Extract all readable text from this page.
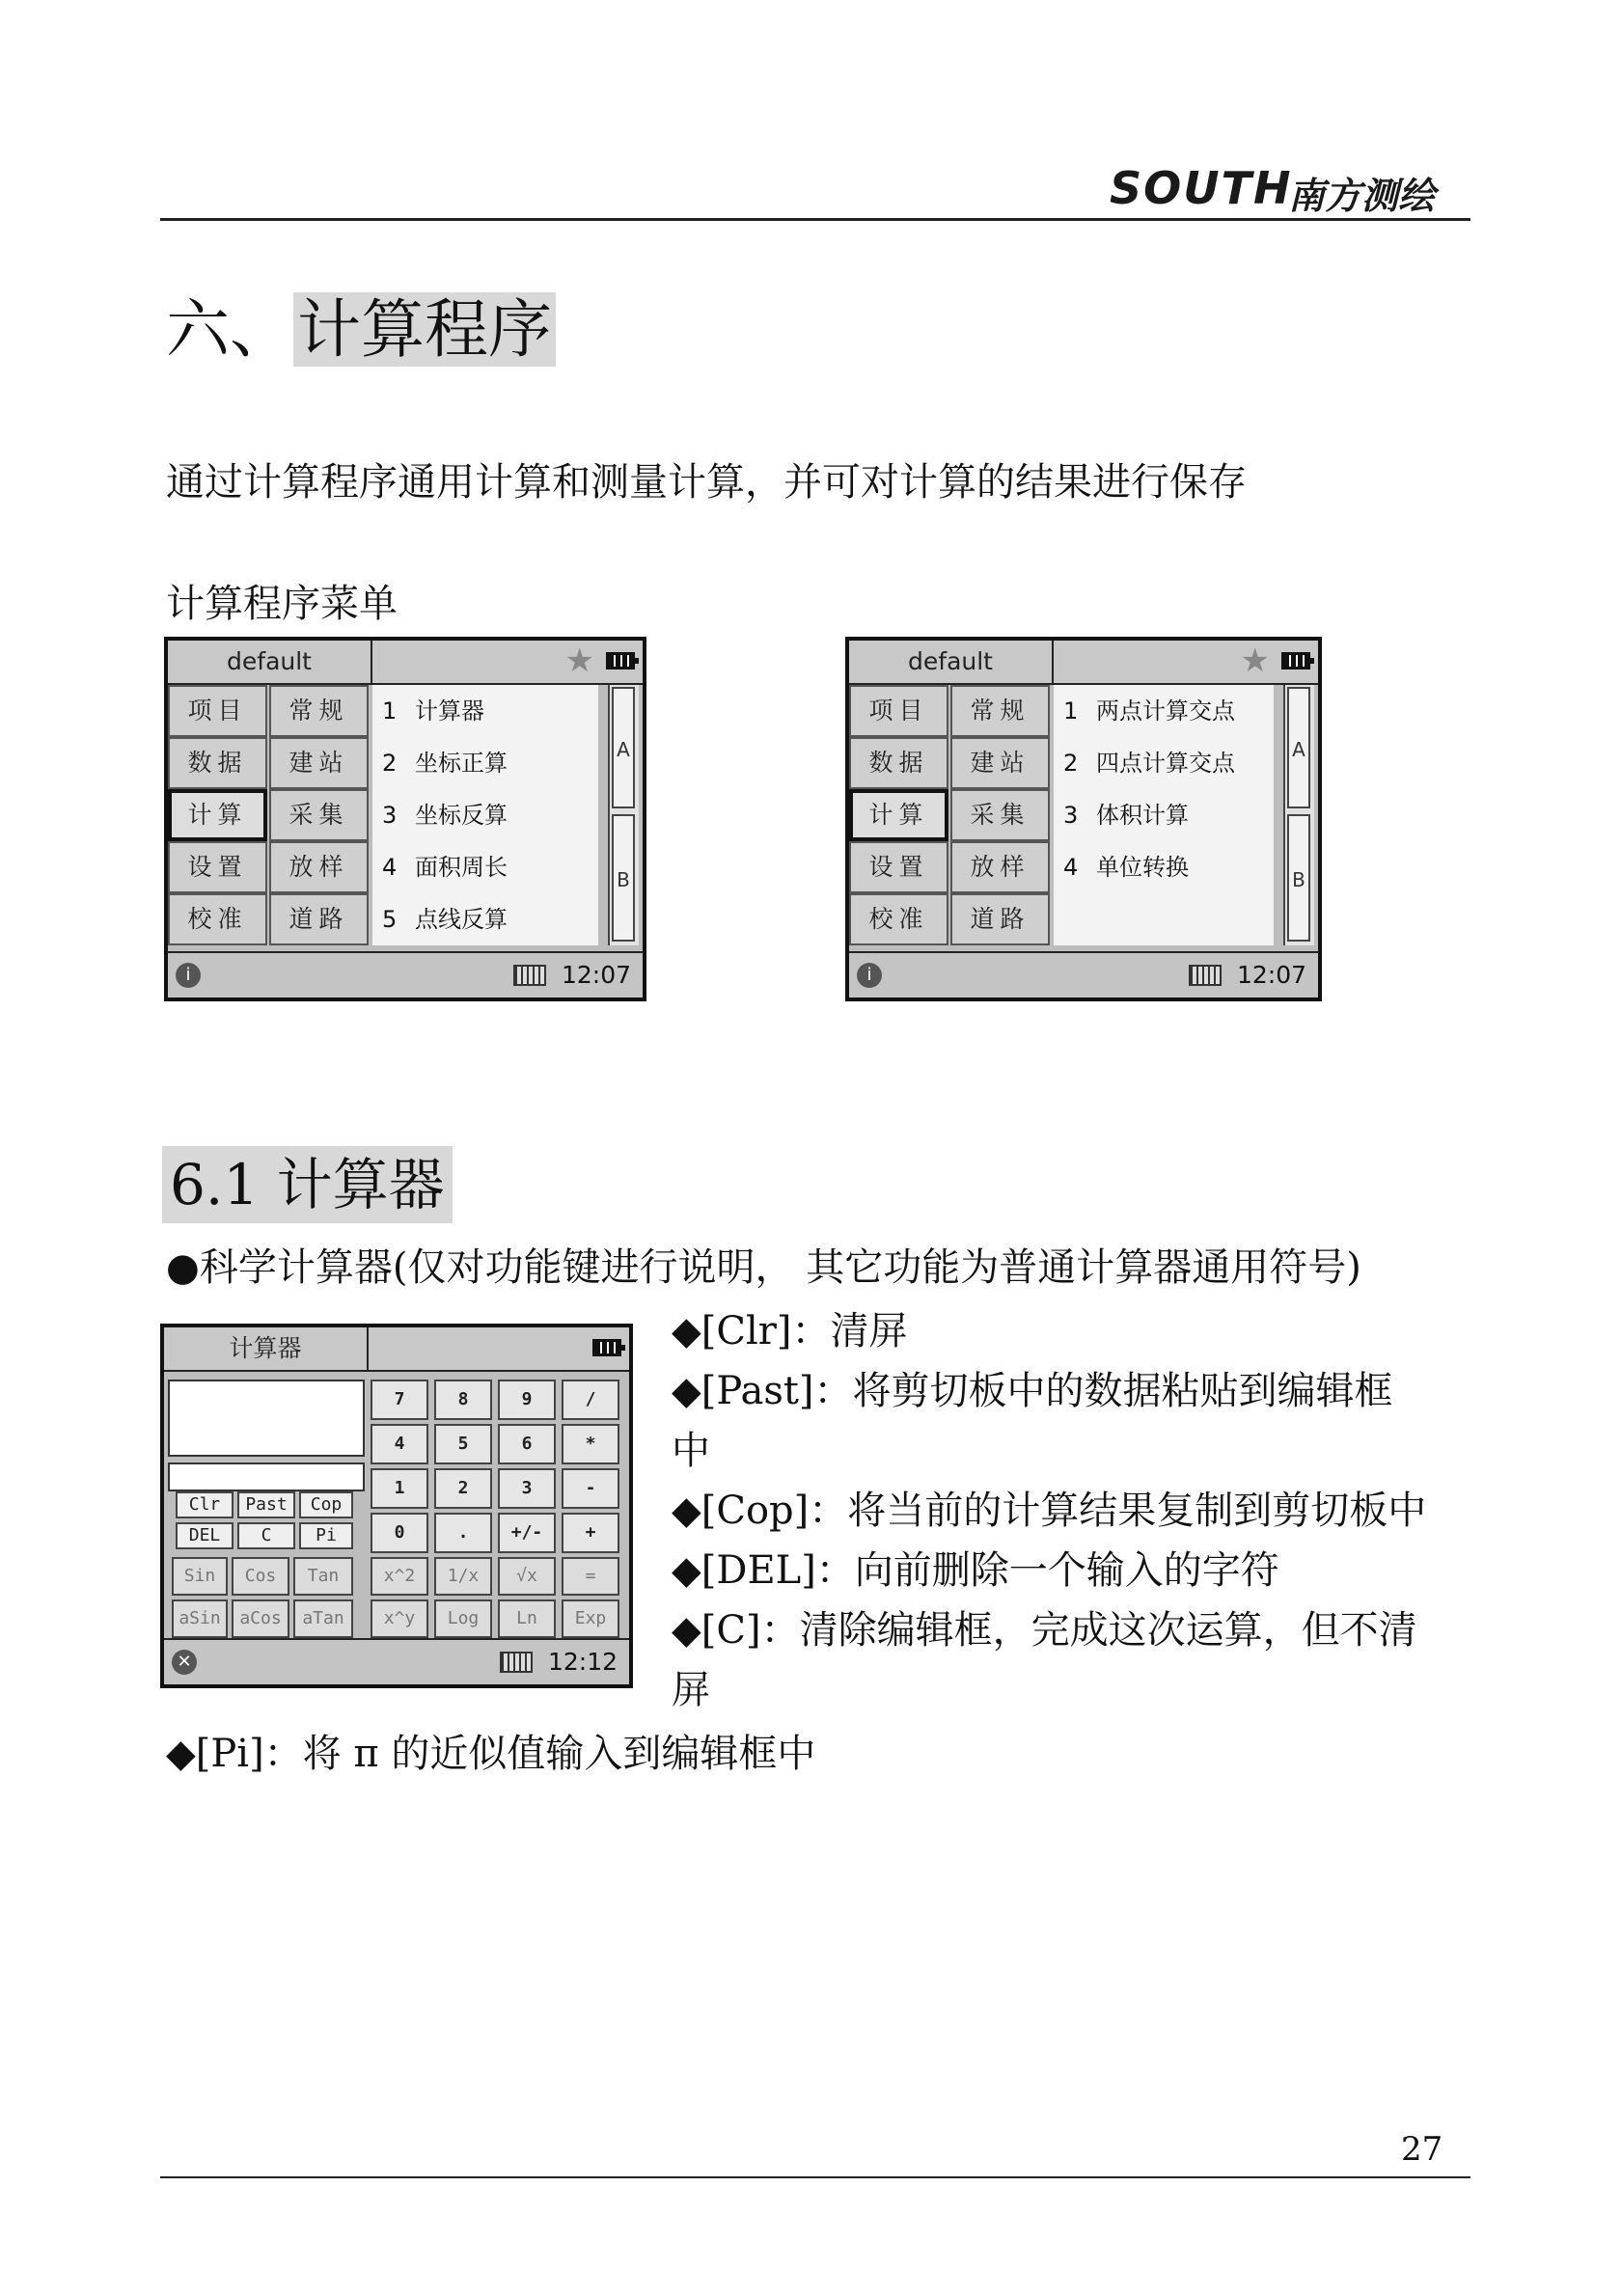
SOUTH
南方测绘
六、计算程序
通过计算程序通用计算和测量计算，并可对计算的结果进行保存
计算程序菜单
default	★
项目	常规
数据	建站
计算	采集
设置	放样
校准	道路
1 计算器
2 坐标正算
3 坐标反算
4 面积周长
5 点线反算
A
B
i	12:07
default	★
项目	常规
数据	建站
计算	采集
设置	放样
校准	道路
1 两点计算交点
2 四点计算交点
3 体积计算
4 单位转换
A
B
i	12:07
6.1 计算器
●科学计算器(仅对功能键进行说明， 其它功能为普通计算器通用符号)
计算器
Clr	Past	Cop
DEL	C	Pi
7	8	9	/
4	5	6	*
1	2	3	-
0	.	+/-	+
Sin	Cos	Tan	x^2	1/x	√x	=
aSin	aCos	aTan	x^y	Log	Ln	Exp
✕	12:12
◆[Clr]：清屏
◆[Past]：将剪切板中的数据粘贴到编辑框
中
◆[Cop]：将当前的计算结果复制到剪切板中
◆[DEL]：向前删除一个输入的字符
◆[C]：清除编辑框，完成这次运算，但不清
屏
◆[Pi]：将 π 的近似值输入到编辑框中
27
